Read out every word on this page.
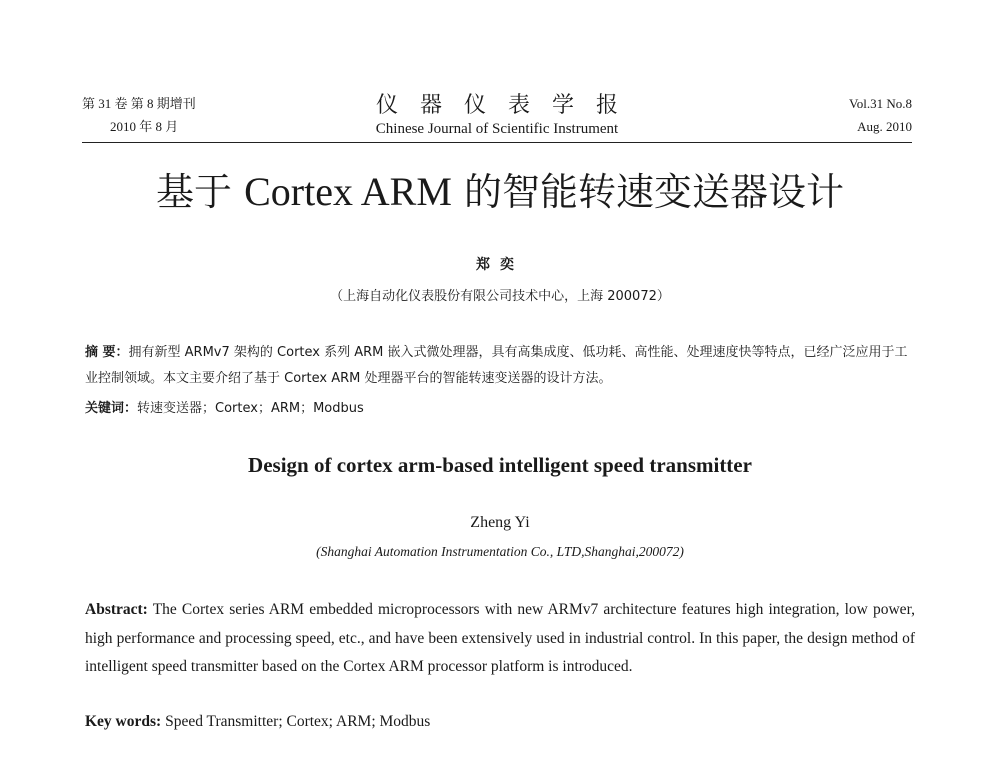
第 31 卷 第 8 期增刊
2010 年 8 月
仪器仪表学报
Chinese Journal of Scientific Instrument
Vol.31 No.8
Aug. 2010
基于 Cortex ARM 的智能转速变送器设计
郑奕
（上海自动化仪表股份有限公司技术中心，上海 200072）
摘 要：拥有新型 ARMv7 架构的 Cortex 系列 ARM 嵌入式微处理器，具有高集成度、低功耗、高性能、处理速度快等特点，已经广泛应用于工业控制领域。本文主要介绍了基于 Cortex ARM 处理器平台的智能转速变送器的设计方法。
关键词：转速变送器；Cortex；ARM；Modbus
Design of cortex arm-based intelligent speed transmitter
Zheng Yi
(Shanghai Automation Instrumentation Co., LTD,Shanghai,200072)
Abstract: The Cortex series ARM embedded microprocessors with new ARMv7 architecture features high integration, low power, high performance and processing speed, etc., and have been extensively used in industrial control. In this paper, the design method of intelligent speed transmitter based on the Cortex ARM processor platform is introduced.
Key words: Speed Transmitter; Cortex; ARM; Modbus
